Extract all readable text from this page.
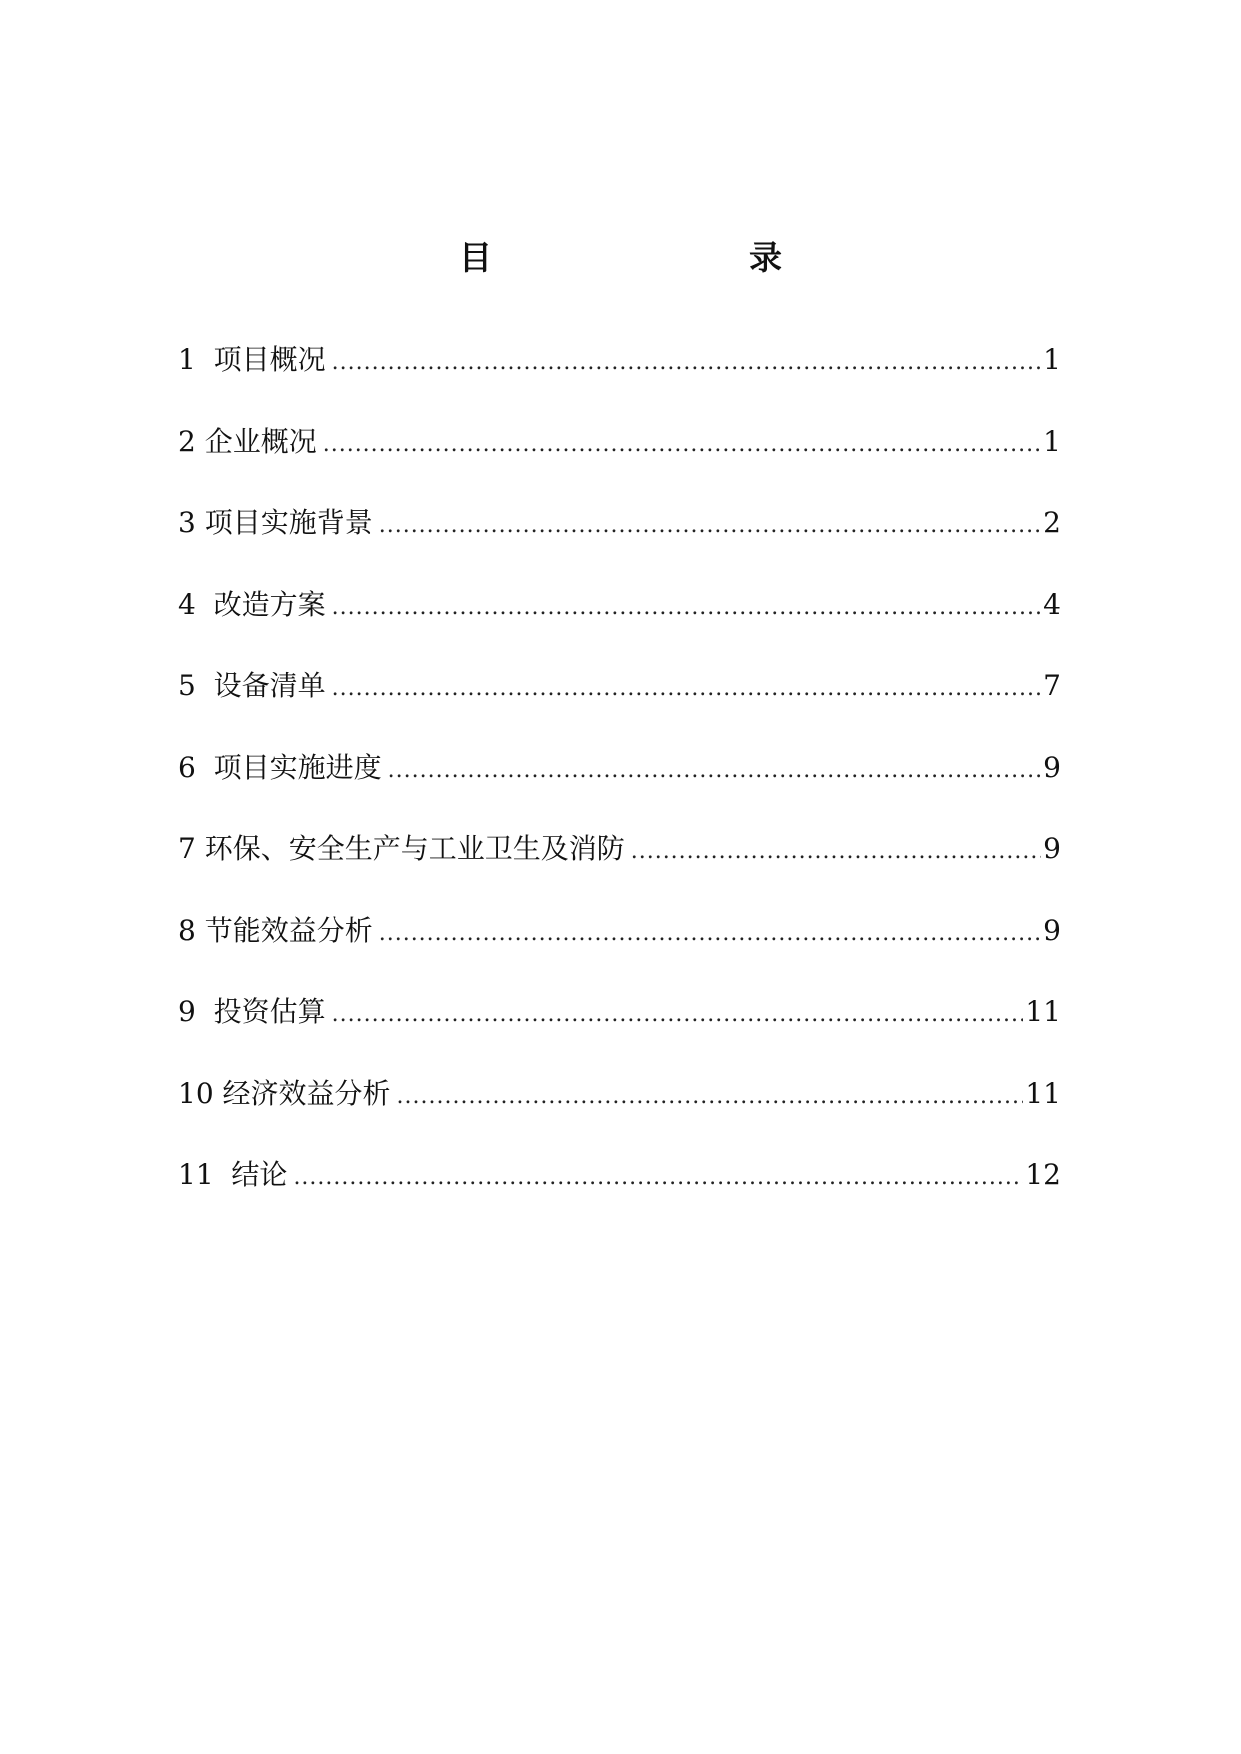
目　录
1  项目概况 .....	1
2 企业概况 .....	1
3 项目实施背景 .....	2
4  改造方案 .....	4
5  设备清单 .....	7
6  项目实施进度 .....	9
7 环保、安全生产与工业卫生及消防 .....	9
8 节能效益分析 .....	9
9  投资估算 .....	11
10 经济效益分析 .....	11
11  结论 .....	12
